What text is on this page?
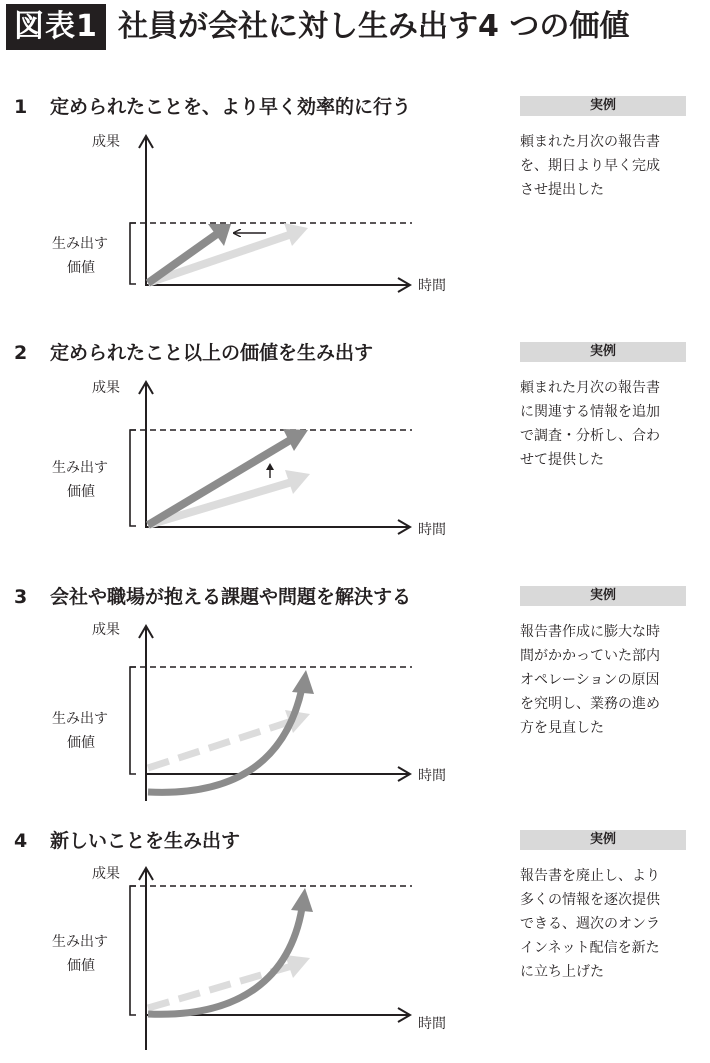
図表1 社員が会社に対し生み出す4 つの価値
1 定められたことを、より早く効率的に行う	実例

頼まれた月次の報告書
を、期日より早く完成
させ提出した

成果
時間
生み出す
価値
2 定められたこと以上の価値を生み出す	実例

頼まれた月次の報告書
に関連する情報を追加
で調査・分析し、合わ
せて提供した

成果
時間
生み出す
価値
3 会社や職場が抱える課題や問題を解決する	実例

報告書作成に膨大な時
間がかかっていた部内
オペレーションの原因
を究明し、業務の進め
方を見直した

成果
時間
生み出す
価値
4 新しいことを生み出す	実例

報告書を廃止し、より
多くの情報を逐次提供
できる、週次のオンラ
インネット配信を新た
に立ち上げた

成果
時間
生み出す
価値
